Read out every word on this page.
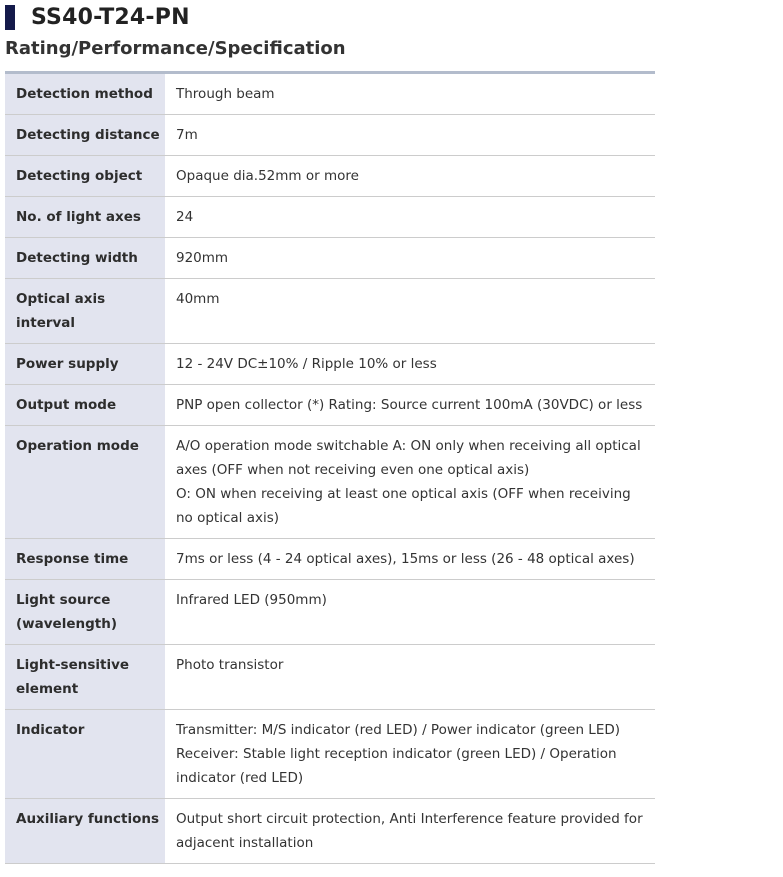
SS40-T24-PN
Rating/Performance/Specification
Detection method	Through beam

Detecting distance	7m

Detecting object	Opaque dia.52mm or more

No. of light axes	24

Detecting width	920mm

Optical axis interval	40mm

Power supply	12 - 24V DC±10% / Ripple 10% or less

Output mode	PNP open collector (*) Rating: Source current 100mA (30VDC) or less

Operation mode	A/O operation mode switchable A: ON only when receiving all optical axes (OFF when not receiving even one optical axis)
O: ON when receiving at least one optical axis (OFF when receiving no optical axis)

Response time	7ms or less (4 - 24 optical axes), 15ms or less (26 - 48 optical axes)

Light source (wavelength)	Infrared LED (950mm)

Light-sensitive element	Photo transistor

Indicator	Transmitter: M/S indicator (red LED) / Power indicator (green LED)
Receiver: Stable light reception indicator (green LED) / Operation indicator (red LED)

Auxiliary functions	Output short circuit protection, Anti Interference feature provided for adjacent installation
